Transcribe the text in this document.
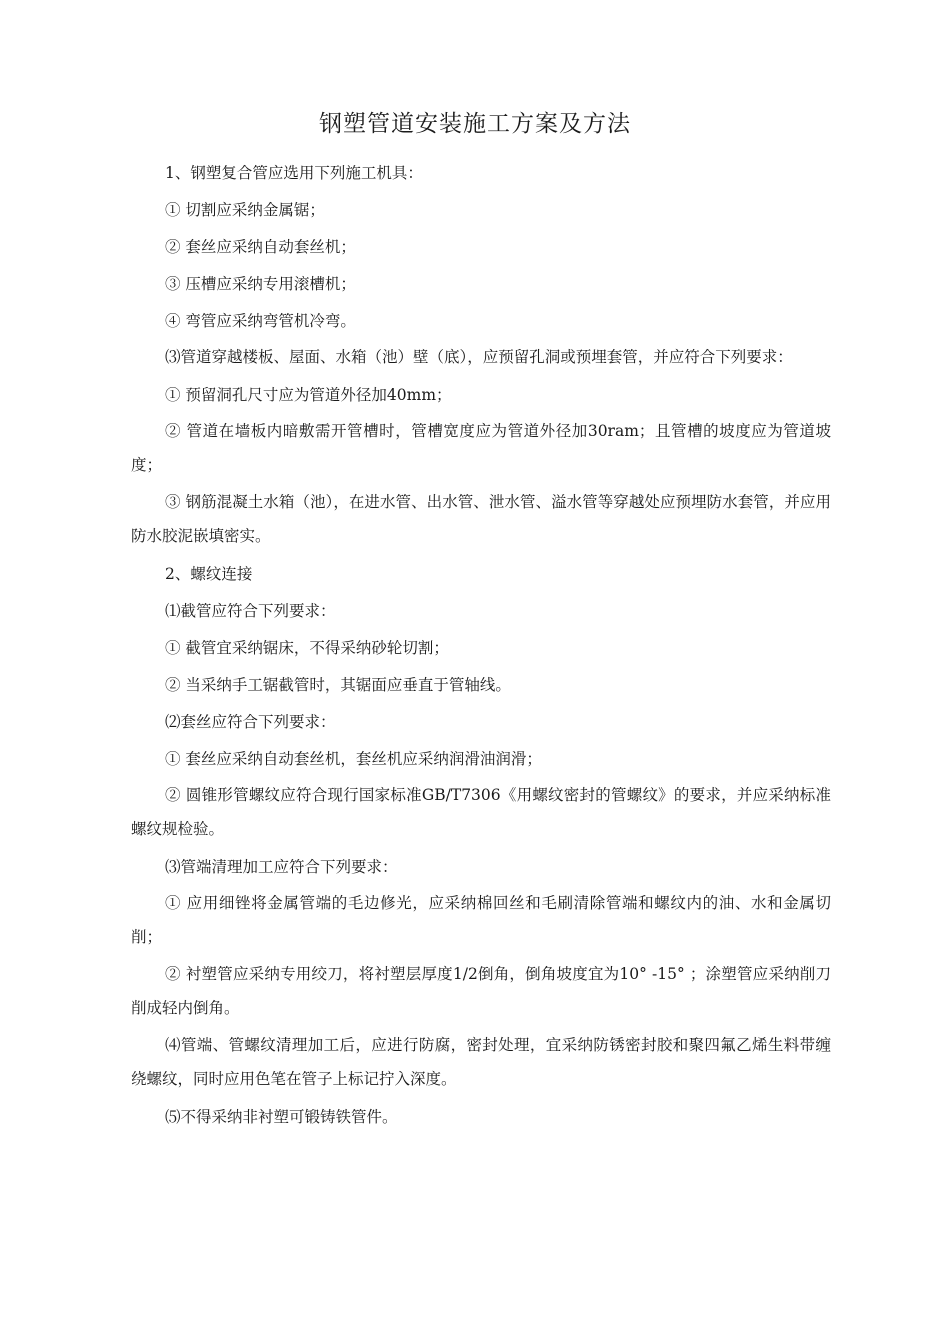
钢塑管道安装施工方案及方法

1、钢塑复合管应选用下列施工机具：

① 切割应采纳金属锯；

② 套丝应采纳自动套丝机；

③ 压槽应采纳专用滚槽机；

④ 弯管应采纳弯管机冷弯。

⑶管道穿越楼板、屋面、水箱（池）壁（底），应预留孔洞或预埋套管，并应符合下列要求：

① 预留洞孔尺寸应为管道外径加40mm；

② 管道在墙板内暗敷需开管槽时，管槽宽度应为管道外径加30ram；且管槽的坡度应为管道坡度；

③ 钢筋混凝土水箱（池），在进水管、出水管、泄水管、溢水管等穿越处应预埋防水套管，并应用防水胶泥嵌填密实。

2、螺纹连接

⑴截管应符合下列要求：

① 截管宜采纳锯床，不得采纳砂轮切割；

② 当采纳手工锯截管时，其锯面应垂直于管轴线。

⑵套丝应符合下列要求：

① 套丝应采纳自动套丝机，套丝机应采纳润滑油润滑；

② 圆锥形管螺纹应符合现行国家标准GB/T7306《用螺纹密封的管螺纹》的要求，并应采纳标准螺纹规检验。

⑶管端清理加工应符合下列要求：

① 应用细锉将金属管端的毛边修光，应采纳棉回丝和毛刷清除管端和螺纹内的油、水和金属切削；

② 衬塑管应采纳专用绞刀，将衬塑层厚度1/2倒角，倒角坡度宜为10° -15° ；涂塑管应采纳削刀削成轻内倒角。

⑷管端、管螺纹清理加工后，应进行防腐，密封处理，宜采纳防锈密封胶和聚四氟乙烯生料带缠绕螺纹，同时应用色笔在管子上标记拧入深度。

⑸不得采纳非衬塑可锻铸铁管件。
